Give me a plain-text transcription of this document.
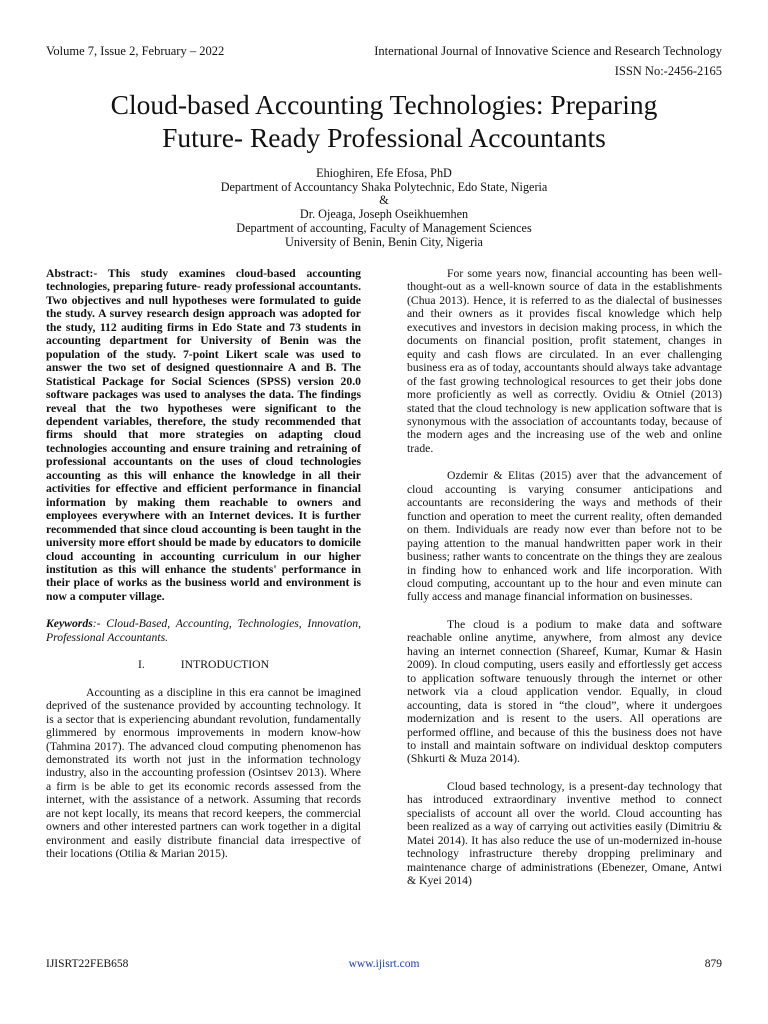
Volume 7, Issue 2, February – 2022	International Journal of Innovative Science and Research Technology
ISSN No:-2456-2165
Cloud-based Accounting Technologies: Preparing
Future- Ready Professional Accountants
Ehioghiren, Efe Efosa, PhD
Department of Accountancy Shaka Polytechnic, Edo State, Nigeria
&
Dr. Ojeaga, Joseph Oseikhuemhen
Department of accounting, Faculty of Management Sciences
University of Benin, Benin City, Nigeria

Abstract:- This study examines cloud-based accounting technologies, preparing future- ready professional accountants. Two objectives and null hypotheses were formulated to guide the study. A survey research design approach was adopted for the study, 112 auditing firms in Edo State and 73 students in accounting department for University of Benin was the population of the study. 7-point Likert scale was used to answer the two set of designed questionnaire A and B. The Statistical Package for Social Sciences (SPSS) version 20.0 software packages was used to analyses the data. The findings reveal that the two hypotheses were significant to the dependent variables, therefore, the study recommended that firms should that more strategies on adapting cloud technologies accounting and ensure training and retraining of professional accountants on the uses of cloud technologies accounting as this will enhance the knowledge in all their activities for effective and efficient performance in financial information by making them reachable to owners and employees everywhere with an Internet devices. It is further recommended that since cloud accounting is been taught in the university more effort should be made by educators to domicile cloud accounting in accounting curriculum in our higher institution as this will enhance the students' performance in their place of works as the business world and environment is now a computer village.

Keywords:- Cloud-Based, Accounting, Technologies, Innovation, Professional Accountants.

I.	INTRODUCTION

Accounting as a discipline in this era cannot be imagined deprived of the sustenance provided by accounting technology. It is a sector that is experiencing abundant revolution, fundamentally glimmered by enormous improvements in modern know-how (Tahmina 2017). The advanced cloud computing phenomenon has demonstrated its worth not just in the information technology industry, also in the accounting profession (Osintsev 2013). Where a firm is be able to get its economic records assessed from the internet, with the assistance of a network. Assuming that records are not kept locally, its means that record keepers, the commercial owners and other interested partners can work together in a digital environment and easily distribute financial data irrespective of their locations (Otilia & Marian 2015).

For some years now, financial accounting has been well-thought-out as a well-known source of data in the establishments (Chua 2013). Hence, it is referred to as the dialectal of businesses and their owners as it provides fiscal knowledge which help executives and investors in decision making process, in which the documents on financial position, profit statement, changes in equity and cash flows are circulated. In an ever challenging business era as of today, accountants should always take advantage of the fast growing technological resources to get their jobs done more proficiently as well as correctly. Ovidiu & Otniel (2013) stated that the cloud technology is new application software that is synonymous with the association of accountants today, because of the modern ages and the increasing use of the web and online trade.

Ozdemir & Elitas (2015) aver that the advancement of cloud accounting is varying consumer anticipations and accountants are reconsidering the ways and methods of their function and operation to meet the current reality, often demanded on them. Individuals are ready now ever than before not to be paying attention to the manual handwritten paper work in their business; rather wants to concentrate on the things they are zealous in finding how to enhanced work and life incorporation. With cloud computing, accountant up to the hour and even minute can fully access and manage financial information on businesses.

The cloud is a podium to make data and software reachable online anytime, anywhere, from almost any device having an internet connection (Shareef, Kumar, Kumar & Hasin 2009). In cloud computing, users easily and effortlessly get access to application software tenuously through the internet or other network via a cloud application vendor. Equally, in cloud accounting, data is stored in “the cloud”, where it undergoes modernization and is resent to the users. All operations are performed offline, and because of this the business does not have to install and maintain software on individual desktop computers (Shkurti & Muza 2014).

Cloud based technology, is a present-day technology that has introduced extraordinary inventive method to connect specialists of account all over the world. Cloud accounting has been realized as a way of carrying out activities easily (Dimitriu & Matei 2014). It has also reduce the use of un-modernized in-house technology infrastructure thereby dropping preliminary and maintenance charge of administrations (Ebenezer, Omane, Antwi & Kyei 2014)

IJISRT22FEB658	www.ijisrt.com	879
